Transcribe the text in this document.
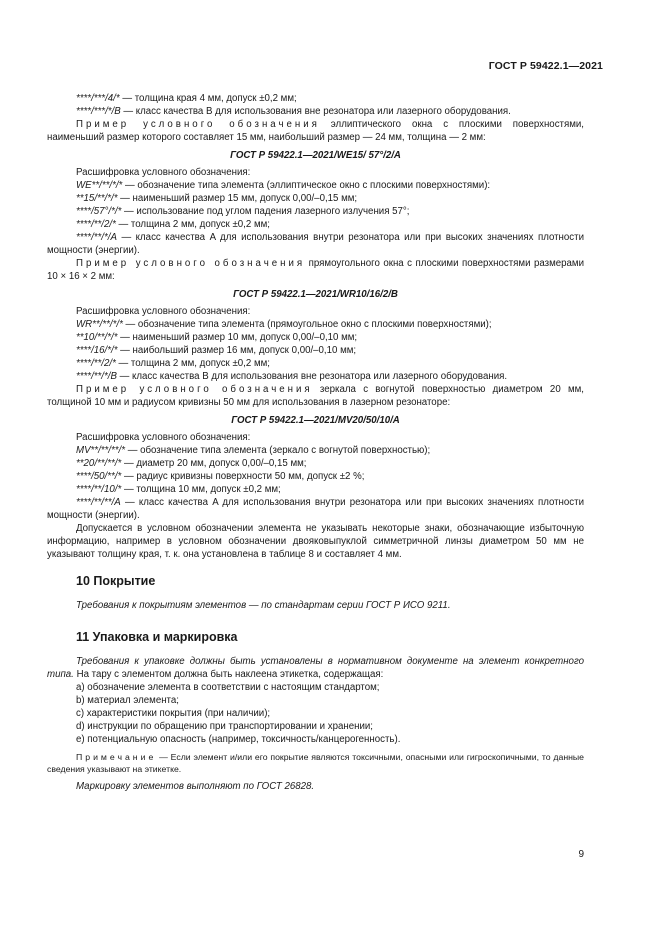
ГОСТ Р 59422.1—2021

****/***/4/* — толщина края 4 мм, допуск ±0,2 мм;

****/***/*/B — класс качества B для использования вне резонатора или лазерного оборудования.

Пример условного обозначения эллиптического окна с плоскими поверхностями, наименьший размер которого составляет 15 мм, наибольший размер — 24 мм, толщина — 2 мм:

ГОСТ Р 59422.1—2021/WE15/ 57°/2/A

Расшифровка условного обозначения:

WE**/**/*/* — обозначение типа элемента (эллиптическое окно с плоскими поверхностями):

**15/**/*/* — наименьший размер 15 мм, допуск 0,00/–0,15 мм;

****/57°/*/* — использование под углом падения лазерного излучения 57°;

****/**/2/* — толщина 2 мм, допуск ±0,2 мм;

****/**/*/A — класс качества A для использования внутри резонатора или при высоких значениях плотности мощности (энергии).

Пример условного обозначения прямоугольного окна с плоскими поверхностями размерами 10 × 16 × 2 мм:

ГОСТ Р 59422.1—2021/WR10/16/2/B

Расшифровка условного обозначения:

WR**/**/*/* — обозначение типа элемента (прямоугольное окно с плоскими поверхностями);

**10/**/*/* — наименьший размер 10 мм, допуск 0,00/–0,10 мм;

****/16/*/* — наибольший размер 16 мм, допуск 0,00/–0,10 мм;

****/**/2/* — толщина 2 мм, допуск ±0,2 мм;

****/**/*/B — класс качества B для использования вне резонатора или лазерного оборудования.

Пример условного обозначения зеркала с вогнутой поверхностью диаметром 20 мм, толщиной 10 мм и радиусом кривизны 50 мм для использования в лазерном резонаторе:

ГОСТ Р 59422.1—2021/MV20/50/10/A

Расшифровка условного обозначения:

MV**/**/**/* — обозначение типа элемента (зеркало с вогнутой поверхностью);

**20/**/**/* — диаметр 20 мм, допуск 0,00/–0,15 мм;

****/50/**/* — радиус кривизны поверхности 50 мм, допуск ±2 %;

****/**/10/* — толщина 10 мм, допуск ±0,2 мм;

****/**/**/A — класс качества A для использования внутри резонатора или при высоких значениях плотности мощности (энергии).

Допускается в условном обозначении элемента не указывать некоторые знаки, обозначающие избыточную информацию, например в условном обозначении двояковыпуклой симметричной линзы диаметром 50 мм не указывают толщину края, т. к. она установлена в таблице 8 и составляет 4 мм.

10 Покрытие

Требования к покрытиям элементов — по стандартам серии ГОСТ Р ИСО 9211.

11 Упаковка и маркировка

Требования к упаковке должны быть установлены в нормативном документе на элемент конкретного типа. На тару с элементом должна быть наклеена этикетка, содержащая:

a) обозначение элемента в соответствии с настоящим стандартом;

b) материал элемента;

c) характеристики покрытия (при наличии);

d) инструкции по обращению при транспортировании и хранении;

e) потенциальную опасность (например, токсичность/канцерогенность).

Примечание — Если элемент и/или его покрытие являются токсичными, опасными или гигроскопичными, то данные сведения указывают на этикетке.

Маркировку элементов выполняют по ГОСТ 26828.

9
